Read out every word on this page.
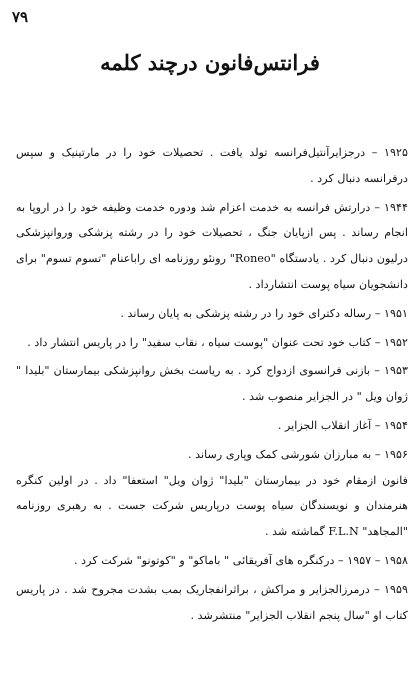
۷۹
فرانتس‌فانون درچند کلمه

۱۹۲۵ – درجزایرآنتیل‌فرانسه تولد یافت . تحصیلات خود را در مارتینیک و سپس درفرانسه دنبال کرد .

۱۹۴۴ – درارتش فرانسه به خدمت اعزام شد ودوره خدمت وظیفه خود را در اروپا به انجام رساند . پس ازپایان جنگ ، تحصیلات خود را در رشته پزشکی وروانپزشکی درلیون دنبال کرد . یادستگاه "Roneo" رونئو روزنامه ای راباعنام "تسوم تسوم" برای دانشجویان سیاه پوست انتشارداد .

۱۹۵۱ – رساله دکترای خود را در رشته پزشکی به پایان رساند .

۱۹۵۲ – کتاب خود تحت عنوان "پوست سیاه ، نقاب سفید" را در پاریس انتشار داد .

۱۹۵۳ – بازنی فرانسوی ازدواج کرد . به ریاست بخش روانپزشکی بیمارستان "بلیدا " ژوان ویل " در الجزایر منصوب شد .

۱۹۵۴ – آغاز انقلاب الجزایر .

۱۹۵۶ – به مبارزان شورشی کمک وپاری رساند .

فانون ازمقام خود در بیمارستان "بلیدا" ژوان ویل" استعفا" داد . در اولین کنگره هنرمندان و نویسندگان سیاه پوست درپاریس شرکت جست . به رهبری روزنامه "المجاهد" F.L.N گماشته شد .

۱۹۵۸ – ۱۹۵۷ – درکنگره های آفریقائی " باماکو" و "کوتونو" شرکت کرد .

۱۹۵۹ – درمرزالجزایر و مراکش ، براثرانفجاریک بمب بشدت مجروح شد . در پاریس کتاب او "سال پنجم انقلاب الجزایر" منتشرشد .
